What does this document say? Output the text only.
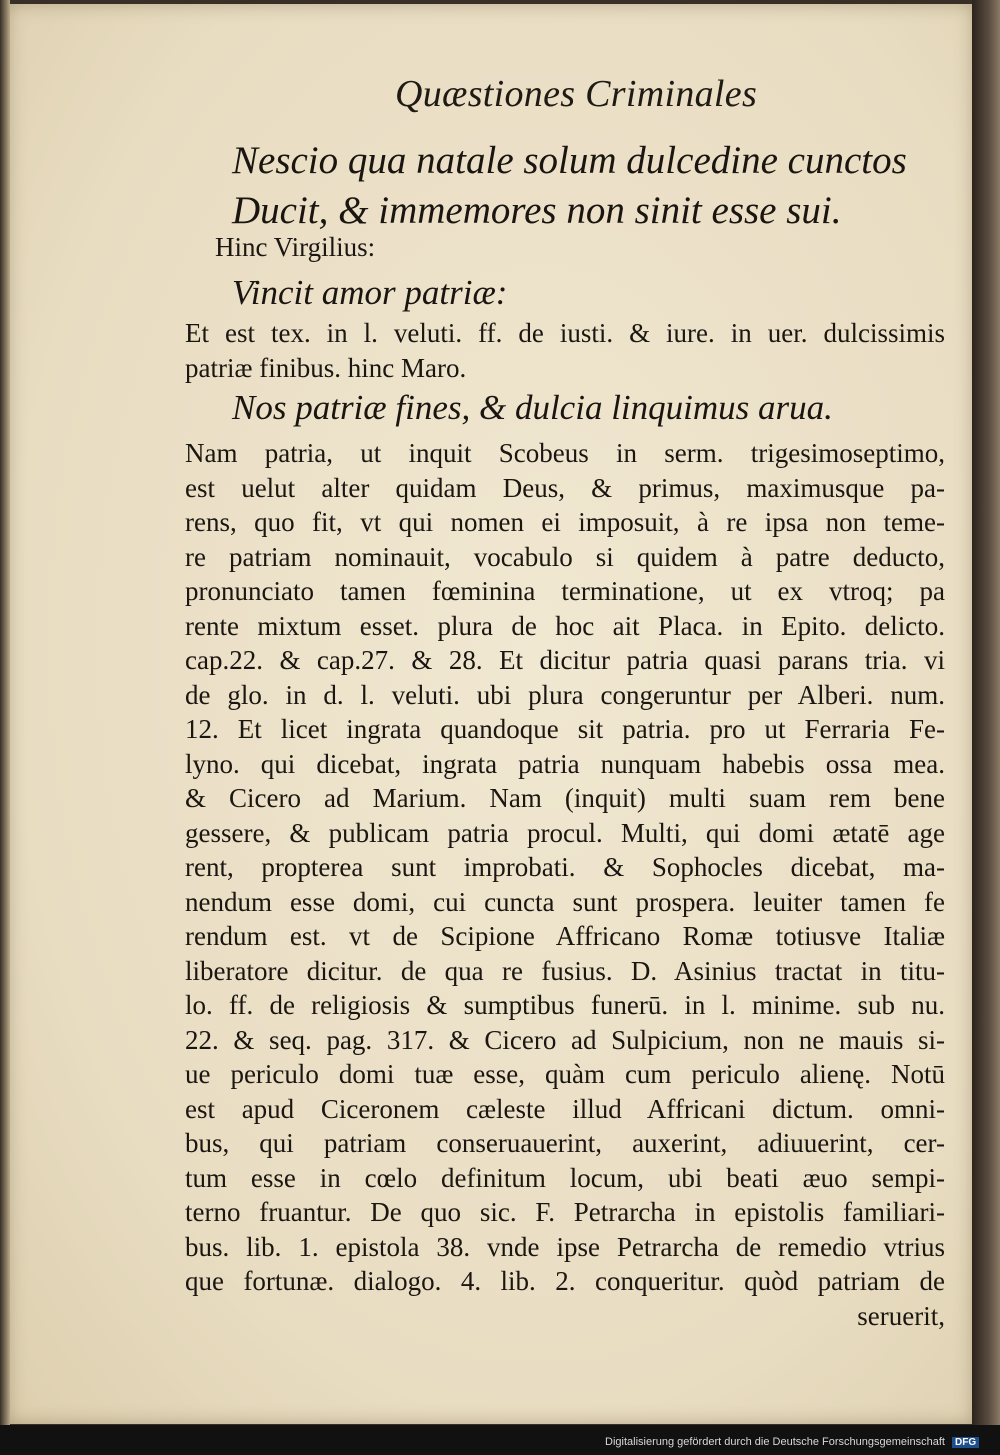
Quæstiones Criminales
Nescio qua natale solum dulcedine cunctos
Ducit, & immemores non sinit esse sui.
Hinc Virgilius:
Vincit amor patriæ:
Et est tex. in l. veluti. ff. de iusti. & iure. in uer. dulcissimis
patriæ finibus. hinc Maro.
Nos patriæ fines, & dulcia linquimus arua.
Nam patria, ut inquit Scobeus in serm. trigesimoseptimo,
est uelut alter quidam Deus, & primus, maximusque pa-
rens, quo fit, vt qui nomen ei imposuit, à re ipsa non teme-
re patriam nominauit, vocabulo si quidem à patre deducto,
pronunciato tamen fœminina terminatione, ut ex vtroq; pa
rente mixtum esset. plura de hoc ait Placa. in Epito. delicto.
cap.22. & cap.27. & 28. Et dicitur patria quasi parans tria. vi
de glo. in d. l. veluti. ubi plura congeruntur per Alberi. num.
12. Et licet ingrata quandoque sit patria. pro ut Ferraria Fe-
lyno. qui dicebat, ingrata patria nunquam habebis ossa mea.
& Cicero ad Marium. Nam (inquit) multi suam rem bene
gessere, & publicam patria procul. Multi, qui domi ætatē age
rent, propterea sunt improbati. & Sophocles dicebat, ma-
nendum esse domi, cui cuncta sunt prospera. leuiter tamen fe
rendum est. vt de Scipione Affricano Romæ totiusve Italiæ
liberatore dicitur. de qua re fusius. D. Asinius tractat in titu-
lo. ff. de religiosis & sumptibus funerū. in l. minime. sub nu.
22. & seq. pag. 317. & Cicero ad Sulpicium, non ne mauis si-
ue periculo domi tuæ esse, quàm cum periculo alienę. Notū
est apud Ciceronem cæleste illud Affricani dictum. omni-
bus, qui patriam conseruauerint, auxerint, adiuuerint, cer-
tum esse in cœlo definitum locum, ubi beati æuo sempi-
terno fruantur. De quo sic. F. Petrarcha in epistolis familiari-
bus. lib. 1. epistola 38. vnde ipse Petrarcha de remedio vtrius
que fortunæ. dialogo. 4. lib. 2. conqueritur. quòd patriam de
seruerit,
Digitalisierung gefördert durch die Deutsche Forschungsgemeinschaft DFG
